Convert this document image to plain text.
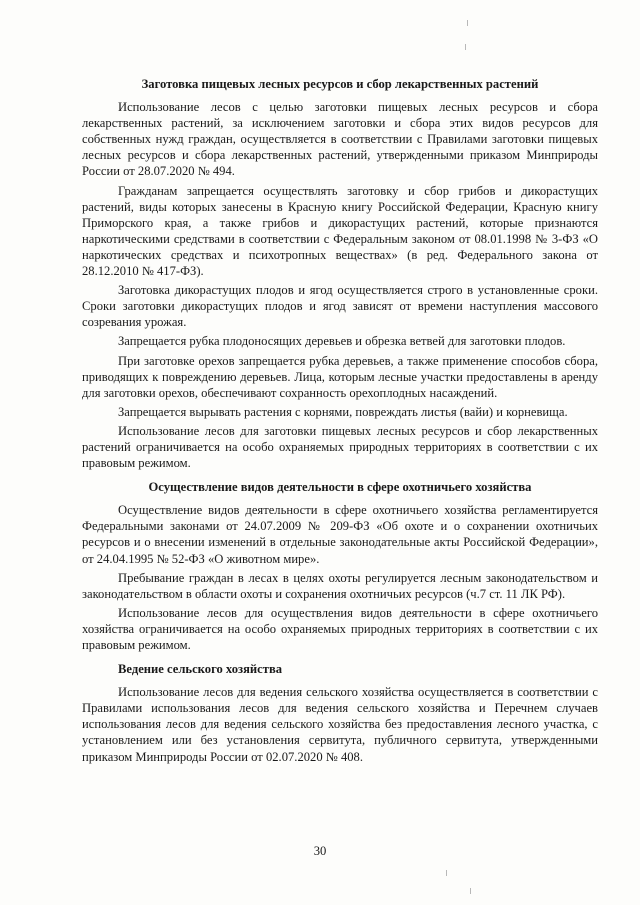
Заготовка пищевых лесных ресурсов и сбор лекарственных растений

Использование лесов с целью заготовки пищевых лесных ресурсов и сбора лекарственных растений, за исключением заготовки и сбора этих видов ресурсов для собственных нужд граждан, осуществляется в соответствии с Правилами заготовки пищевых лесных ресурсов и сбора лекарственных растений, утвержденными приказом Минприроды России от 28.07.2020 № 494.

Гражданам запрещается осуществлять заготовку и сбор грибов и дикорастущих растений, виды которых занесены в Красную книгу Российской Федерации, Красную книгу Приморского края, а также грибов и дикорастущих растений, которые признаются наркотическими средствами в соответствии с Федеральным законом от 08.01.1998 № 3-ФЗ «О наркотических средствах и психотропных веществах» (в ред. Федерального закона от 28.12.2010 № 417-ФЗ).

Заготовка дикорастущих плодов и ягод осуществляется строго в установленные сроки. Сроки заготовки дикорастущих плодов и ягод зависят от времени наступления массового созревания урожая.

Запрещается рубка плодоносящих деревьев и обрезка ветвей для заготовки плодов.

При заготовке орехов запрещается рубка деревьев, а также применение способов сбора, приводящих к повреждению деревьев. Лица, которым лесные участки предоставлены в аренду для заготовки орехов, обеспечивают сохранность орехоплодных насаждений.

Запрещается вырывать растения с корнями, повреждать листья (вайи) и корневища.

Использование лесов для заготовки пищевых лесных ресурсов и сбор лекарственных растений ограничивается на особо охраняемых природных территориях в соответствии с их правовым режимом.

Осуществление видов деятельности в сфере охотничьего хозяйства

Осуществление видов деятельности в сфере охотничьего хозяйства регламентируется Федеральными законами от 24.07.2009 № 209-ФЗ «Об охоте и о сохранении охотничьих ресурсов и о внесении изменений в отдельные законодательные акты Российской Федерации», от 24.04.1995 № 52-ФЗ «О животном мире».

Пребывание граждан в лесах в целях охоты регулируется лесным законодательством и законодательством в области охоты и сохранения охотничьих ресурсов (ч.7 ст. 11 ЛК РФ).

Использование лесов для осуществления видов деятельности в сфере охотничьего хозяйства ограничивается на особо охраняемых природных территориях в соответствии с их правовым режимом.

Ведение сельского хозяйства

Использование лесов для ведения сельского хозяйства осуществляется в соответствии с Правилами использования лесов для ведения сельского хозяйства и Перечнем случаев использования лесов для ведения сельского хозяйства без предоставления лесного участка, с установлением или без установления сервитута, публичного сервитута, утвержденными приказом Минприроды России от 02.07.2020 № 408.

30
